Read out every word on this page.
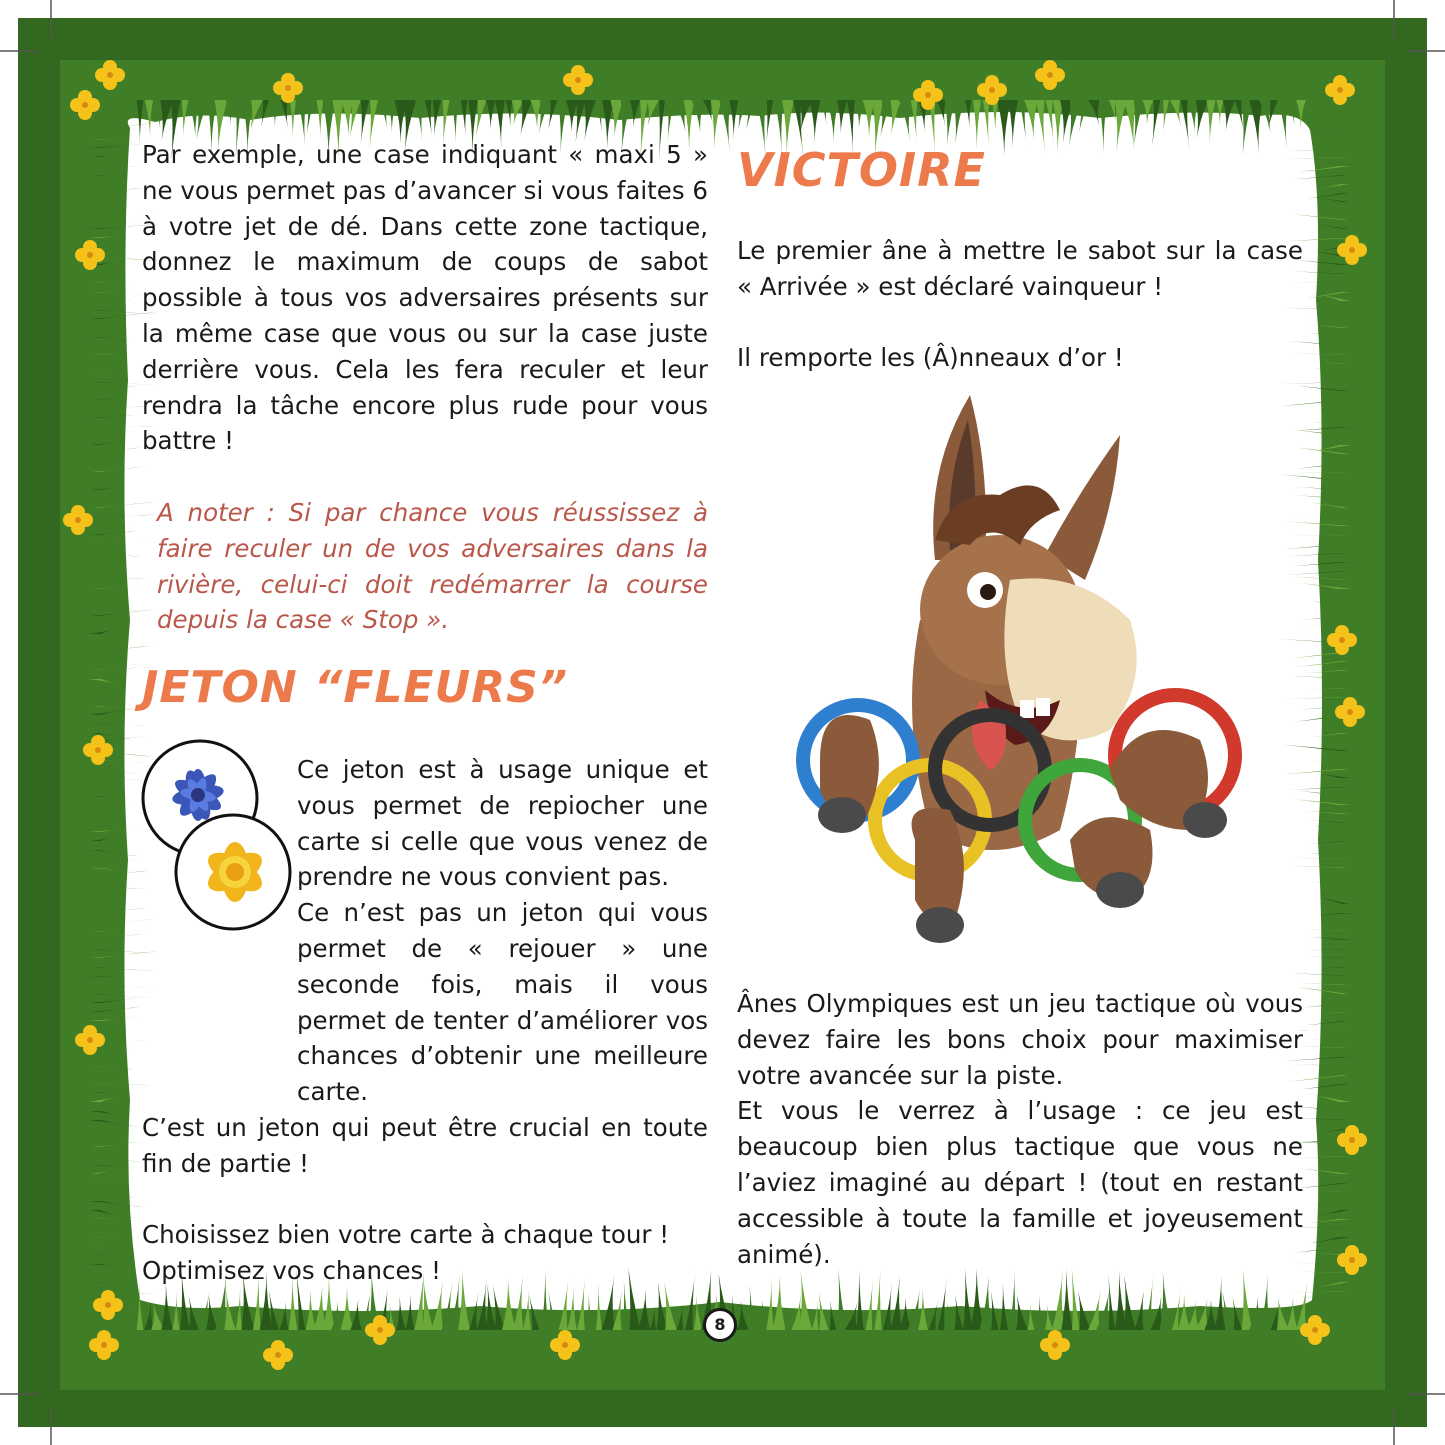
VICTOIRE
JETON “FLEURS”

Par exemple, une case indiquant « maxi 5 » ne vous permet pas d’avancer si vous faites 6 à votre jet de dé. Dans cette zone tactique, donnez le maximum de coups de sabot possible à tous vos adversaires présents sur la même case que vous ou sur la case juste derrière vous. Cela les fera reculer et leur rendra la tâche encore plus rude pour vous battre !

A noter : Si par chance vous réussissez à faire reculer un de vos adversaires dans la rivière, celui-ci doit redémarrer la course depuis la case « Stop ».

Ce jeton est à usage unique et vous permet de repiocher une carte si celle que vous venez de prendre ne vous convient pas.

Ce n’est pas un jeton qui vous permet de « rejouer » une seconde fois, mais il vous permet de tenter d’améliorer vos chances d’obtenir une meilleure carte.

C’est un jeton qui peut être crucial en toute fin de partie !

Choisissez bien votre carte à chaque tour !

Optimisez vos chances !

Le premier âne à mettre le sabot sur la case « Arrivée » est déclaré vainqueur !

Il remporte les (Â)nneaux d’or !

Ânes Olympiques est un jeu tactique où vous devez faire les bons choix pour maximiser votre avancée sur la piste.

Et vous le verrez à l’usage : ce jeu est beaucoup bien plus tactique que vous ne l’aviez imaginé au départ ! (tout en restant accessible à toute la famille et joyeusement animé).

8
